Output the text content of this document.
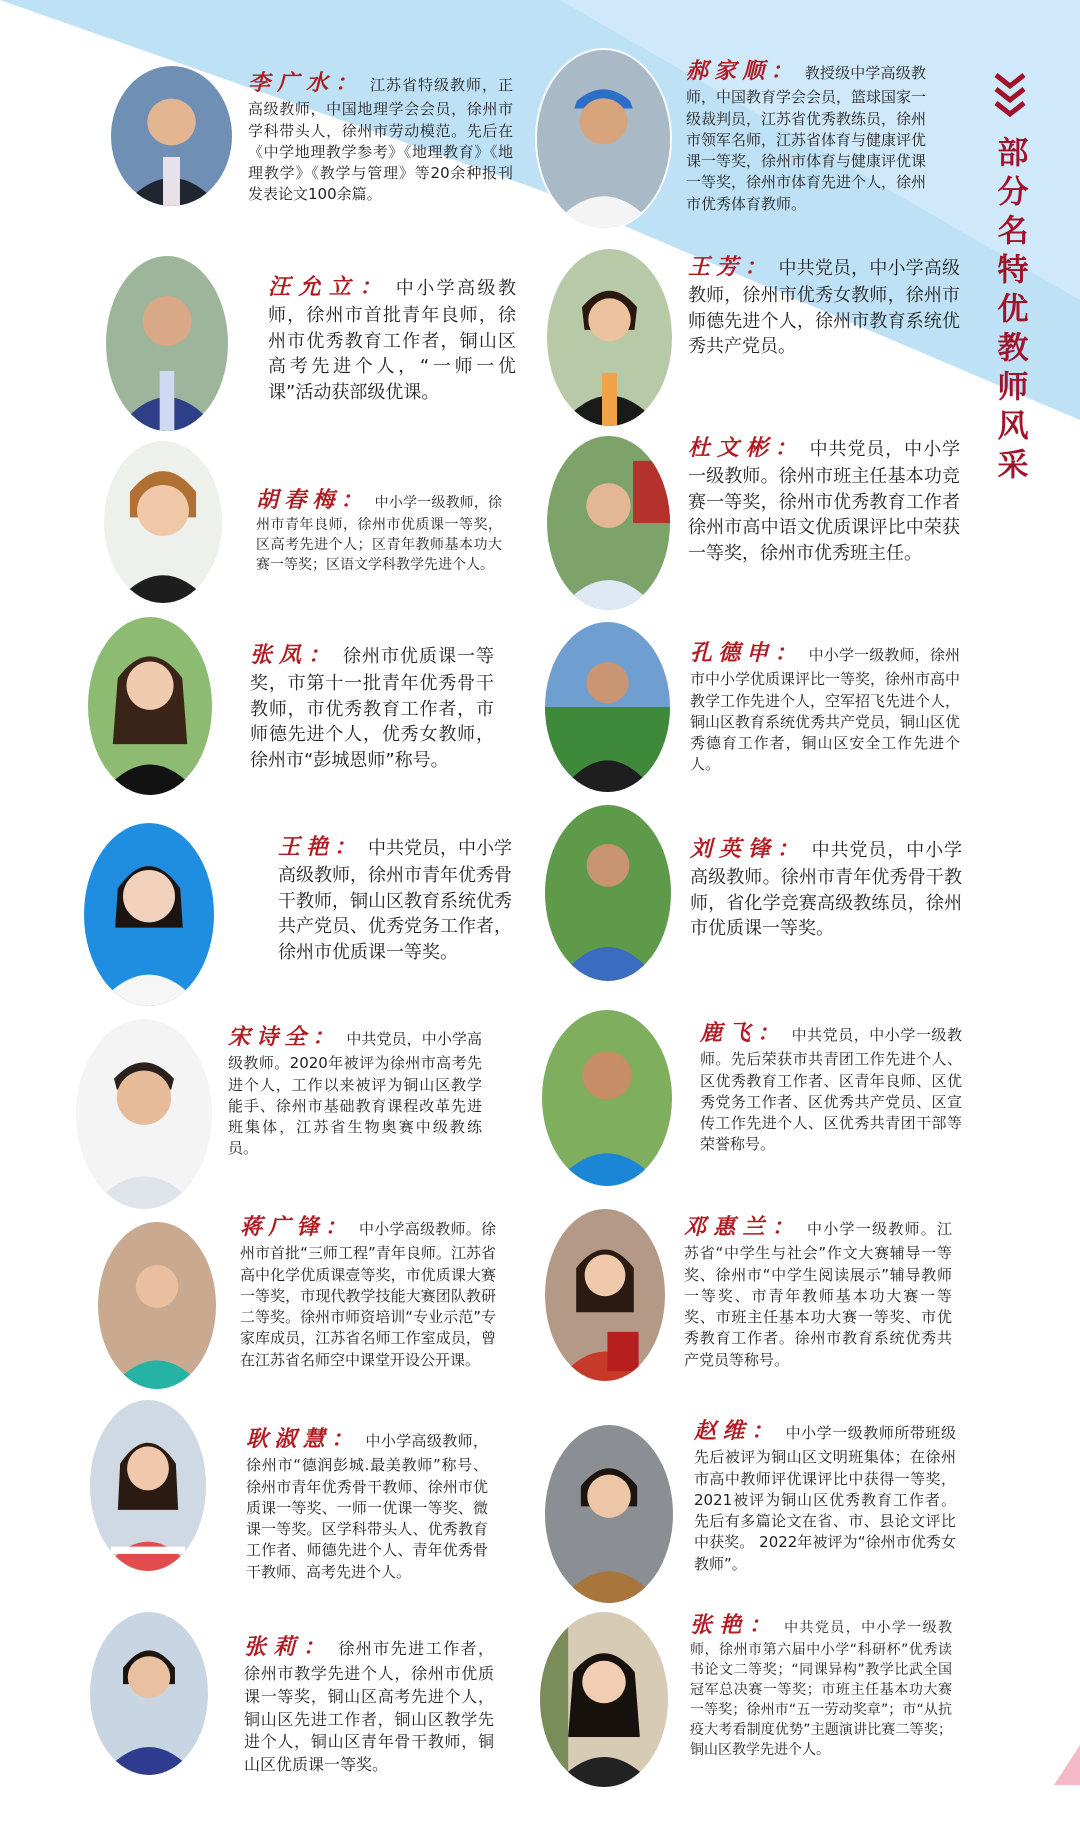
部分名特优教师风采
李广水： 江苏省特级教师，正高级教师，中国地理学会会员，徐州市学科带头人，徐州市劳动模范。先后在《中学地理教学参考》《地理教育》《地理教学》《教学与管理》等20余种报刊发表论文100余篇。
汪允立： 中小学高级教师，徐州市首批青年良师，徐州市优秀教育工作者，铜山区高考先进个人，“一师一优课”活动获部级优课。
胡春梅： 中小学一级教师，徐州市青年良师，徐州市优质课一等奖，区高考先进个人；区青年教师基本功大赛一等奖；区语文学科教学先进个人。
张凤： 徐州市优质课一等奖，市第十一批青年优秀骨干教师，市优秀教育工作者，市师德先进个人，优秀女教师，徐州市“彭城恩师”称号。
王艳： 中共党员，中小学高级教师，徐州市青年优秀骨干教师，铜山区教育系统优秀共产党员、优秀党务工作者，徐州市优质课一等奖。
宋诗全： 中共党员，中小学高级教师。2020年被评为徐州市高考先进个人，工作以来被评为铜山区教学能手、徐州市基础教育课程改革先进班集体，江苏省生物奥赛中级教练员。
蒋广锋： 中小学高级教师。徐州市首批“三师工程”青年良师。江苏省高中化学优质课壹等奖，市优质课大赛一等奖，市现代教学技能大赛团队教研二等奖。徐州市师资培训“专业示范”专家库成员，江苏省名师工作室成员，曾在江苏省名师空中课堂开设公开课。
耿淑慧： 中小学高级教师，徐州市“德润彭城.最美教师”称号、徐州市青年优秀骨干教师、徐州市优质课一等奖、一师一优课一等奖、微课一等奖。区学科带头人、优秀教育工作者、师德先进个人、青年优秀骨干教师、高考先进个人。
张莉： 徐州市先进工作者，徐州市教学先进个人，徐州市优质课一等奖，铜山区高考先进个人，铜山区先进工作者，铜山区教学先进个人，铜山区青年骨干教师，铜山区优质课一等奖。
郝家顺： 教授级中学高级教师，中国教育学会会员，篮球国家一级裁判员，江苏省优秀教练员，徐州市领军名师，江苏省体育与健康评优课一等奖，徐州市体育与健康评优课一等奖，徐州市体育先进个人，徐州市优秀体育教师。
王芳： 中共党员，中小学高级教师，徐州市优秀女教师，徐州市师德先进个人，徐州市教育系统优秀共产党员。
杜文彬： 中共党员，中小学一级教师。徐州市班主任基本功竞赛一等奖，徐州市优秀教育工作者徐州市高中语文优质课评比中荣获一等奖，徐州市优秀班主任。
孔德申： 中小学一级教师，徐州市中小学优质课评比一等奖，徐州市高中教学工作先进个人，空军招飞先进个人，铜山区教育系统优秀共产党员，铜山区优秀德育工作者，铜山区安全工作先进个人。
刘英锋： 中共党员，中小学高级教师。徐州市青年优秀骨干教师，省化学竞赛高级教练员，徐州市优质课一等奖。
鹿飞： 中共党员，中小学一级教师。先后荣获市共青团工作先进个人、区优秀教育工作者、区青年良师、区优秀党务工作者、区优秀共产党员、区宣传工作先进个人、区优秀共青团干部等荣誉称号。
邓惠兰： 中小学一级教师。江苏省“中学生与社会”作文大赛辅导一等奖、徐州市“中学生阅读展示”辅导教师一等奖、市青年教师基本功大赛一等奖、市班主任基本功大赛一等奖、市优秀教育工作者。徐州市教育系统优秀共产党员等称号。
赵维： 中小学一级教师所带班级先后被评为铜山区文明班集体；在徐州市高中教师评优课评比中获得一等奖，2021被评为铜山区优秀教育工作者。先后有多篇论文在省、市、县论文评比中获奖。 2022年被评为“徐州市优秀女教师”。
张艳： 中共党员，中小学一级教师，徐州市第六届中小学“科研杯”优秀读书论文二等奖；“同课异构”教学比武全国冠军总决赛一等奖；市班主任基本功大赛一等奖；徐州市“五一劳动奖章”；市“从抗疫大考看制度优势”主题演讲比赛二等奖；铜山区教学先进个人。
